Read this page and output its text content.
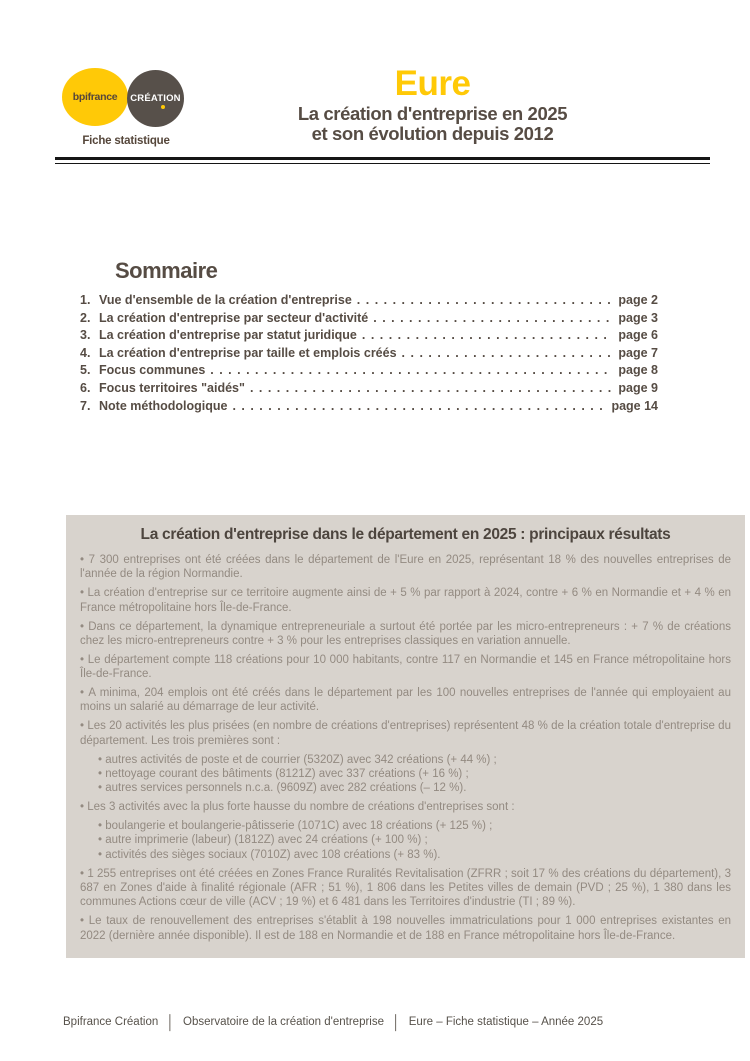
bpifrance CRÉATION
Fiche statistique
Eure
La création d'entreprise en 2025
et son évolution depuis 2012
Sommaire
1. Vue d'ensemble de la création d'entreprise . . .	page 2
2. La création d'entreprise par secteur d'activité . . .	page 3
3. La création d'entreprise par statut juridique . . .	page 6
4. La création d'entreprise par taille et emplois créés . . .	page 7
5. Focus communes . . .	page 8
6. Focus territoires "aidés" . . .	page 9
7. Note méthodologique . . .	page 14
La création d'entreprise dans le département en 2025 : principaux résultats

• 7 300 entreprises ont été créées dans le département de l'Eure en 2025, représentant 18 % des nouvelles entreprises de l'année de la région Normandie.

• La création d'entreprise sur ce territoire augmente ainsi de + 5 % par rapport à 2024, contre + 6 % en Normandie et + 4 % en France métropolitaine hors Île-de-France.

• Dans ce département, la dynamique entrepreneuriale a surtout été portée par les micro-entrepreneurs : + 7 % de créations chez les micro-entrepreneurs contre + 3 % pour les entreprises classiques en variation annuelle.

• Le département compte 118 créations pour 10 000 habitants, contre 117 en Normandie et 145 en France métropolitaine hors Île-de-France.

• A minima, 204 emplois ont été créés dans le département par les 100 nouvelles entreprises de l'année qui employaient au moins un salarié au démarrage de leur activité.

• Les 20 activités les plus prisées (en nombre de créations d'entreprises) représentent 48 % de la création totale d'entreprise du département. Les trois premières sont :

• autres activités de poste et de courrier (5320Z) avec 342 créations (+ 44 %) ;

• nettoyage courant des bâtiments (8121Z) avec 337 créations (+ 16 %) ;

• autres services personnels n.c.a. (9609Z) avec 282 créations (– 12 %).

• Les 3 activités avec la plus forte hausse du nombre de créations d'entreprises sont :

• boulangerie et boulangerie-pâtisserie (1071C) avec 18 créations (+ 125 %) ;

• autre imprimerie (labeur) (1812Z) avec 24 créations (+ 100 %) ;

• activités des sièges sociaux (7010Z) avec 108 créations (+ 83 %).

• 1 255 entreprises ont été créées en Zones France Ruralités Revitalisation (ZFRR ; soit 17 % des créations du département), 3 687 en Zones d'aide à finalité régionale (AFR ; 51 %), 1 806 dans les Petites villes de demain (PVD ; 25 %), 1 380 dans les communes Actions cœur de ville (ACV ; 19 %) et 6 481 dans les Territoires d'industrie (TI ; 89 %).

• Le taux de renouvellement des entreprises s'établit à 198 nouvelles immatriculations pour 1 000 entreprises existantes en 2022 (dernière année disponible). Il est de 188 en Normandie et de 188 en France métropolitaine hors Île-de-France.

Bpifrance Création │ Observatoire de la création d'entreprise │ Eure – Fiche statistique – Année 2025
